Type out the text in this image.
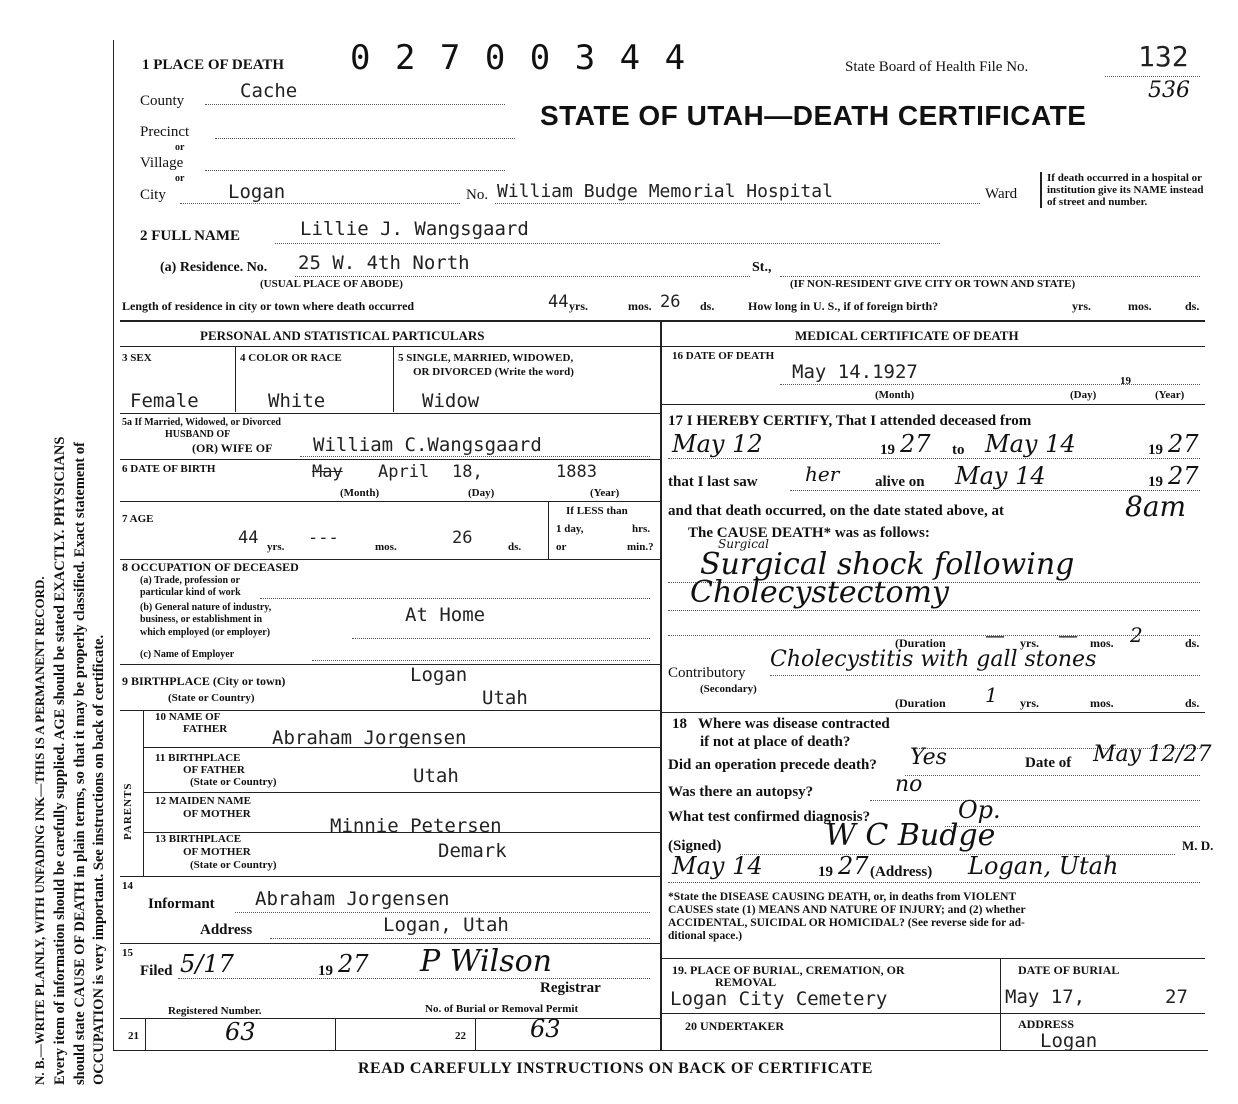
N. B.—WRITE PLAINLY, WITH UNFADING INK—THIS IS A PERMANENT RECORD. Every item of information should be carefully supplied. AGE should be stated EXACTLY. PHYSICIANS should state CAUSE OF DEATH in plain terms, so that it may be properly classified. Exact statement of OCCUPATION is very important. See instructions on back of certificate.
1 PLACE OF DEATH 0 2 7 0 0 3 4 4	State Board of Health File No.	132
536
STATE OF UTAH—DEATH CERTIFICATE
County	Cache
Precinct
or
Village
or
City	Logan	No. William Budge Memorial Hospital	Ward
If death occurred in a hospital or institution give its NAME instead of street and number.
2 FULL NAME	Lillie J. Wangsgaard
(a) Residence. No. 25 W. 4th North	St.,
(USUAL PLACE OF ABODE)	(IF NON-RESIDENT GIVE CITY OR TOWN AND STATE)
Length of residence in city or town where death occurred	44 yrs.	mos. 26 ds.	How long in U. S., if of foreign birth?	yrs.	mos.	ds.
PERSONAL AND STATISTICAL PARTICULARS
3 SEX	4 COLOR OR RACE	5 SINGLE, MARRIED, WIDOWED,
OR DIVORCED (Write the word)
Female	White	Widow
5a If Married, Widowed, or Divorced
HUSBAND OF
(OR) WIFE OF William C.Wangsgaard
6 DATE OF BIRTH	May April 18,	1883
(Month)	(Day)	(Year)
7 AGE
44 yrs. ---	mos.	26	ds.
If LESS than
1 day,	hrs.
or	min.?
8 OCCUPATION OF DECEASED
(a) Trade, profession or
particular kind of work
(b) General nature of industry,
business, or establishment in
which employed (or employer)
At Home
(c) Name of Employer
9 BIRTHPLACE (City or town)	Logan
(State or Country)	Utah
PARENTS
10 NAME OF
FATHER Abraham Jorgensen
11 BIRTHPLACE
OF FATHER
(State or Country)	Utah
12 MAIDEN NAME
OF MOTHER
Minnie Petersen
13 BIRTHPLACE
OF MOTHER
(State or Country)
Demark
14
Informant Abraham Jorgensen
Address	Logan, Utah
15
Filed 5/17	19 27 P Wilson
Registrar
Registered Number.	No. of Burial or Removal Permit
21	63	22	63
MEDICAL CERTIFICATE OF DEATH
16 DATE OF DEATH
May 14.1927	19
(Month)	(Day)	(Year)
17 I HEREBY CERTIFY, That I attended deceased from
May 12	19 27 to May 14	19 27
that I last saw her alive on May 14	19 27
and that death occurred, on the date stated above, at	8am
The CAUSE DEATH* was as follows:
Surgical
Surgical shock following
Cholecystectomy
(Duration — yrs. — mos. 2	ds.
Contributory
(Secondary)
Cholecystitis with gall stones
(Duration 1 yrs.	mos.	ds.
18   Where was disease contracted
if not at place of death?
Did an operation precede death? Yes	Date of May 12/27
Was there an autopsy?	no
What test confirmed diagnosis?	Op.
(Signed)	W C Budge	M. D.
May 14	19 27 (Address) Logan, Utah
*State the DISEASE CAUSING DEATH, or, in deaths from VIOLENT
CAUSES state (1) MEANS AND NATURE OF INJURY; and (2) whether
ACCIDENTAL, SUICIDAL OR HOMICIDAL? (See reverse side for ad-
ditional space.)
19. PLACE OF BURIAL, CREMATION, OR
REMOVAL
Logan City Cemetery
DATE OF BURIAL
May 17,	27
20 UNDERTAKER	ADDRESS
Logan
READ CAREFULLY INSTRUCTIONS ON BACK OF CERTIFICATE
